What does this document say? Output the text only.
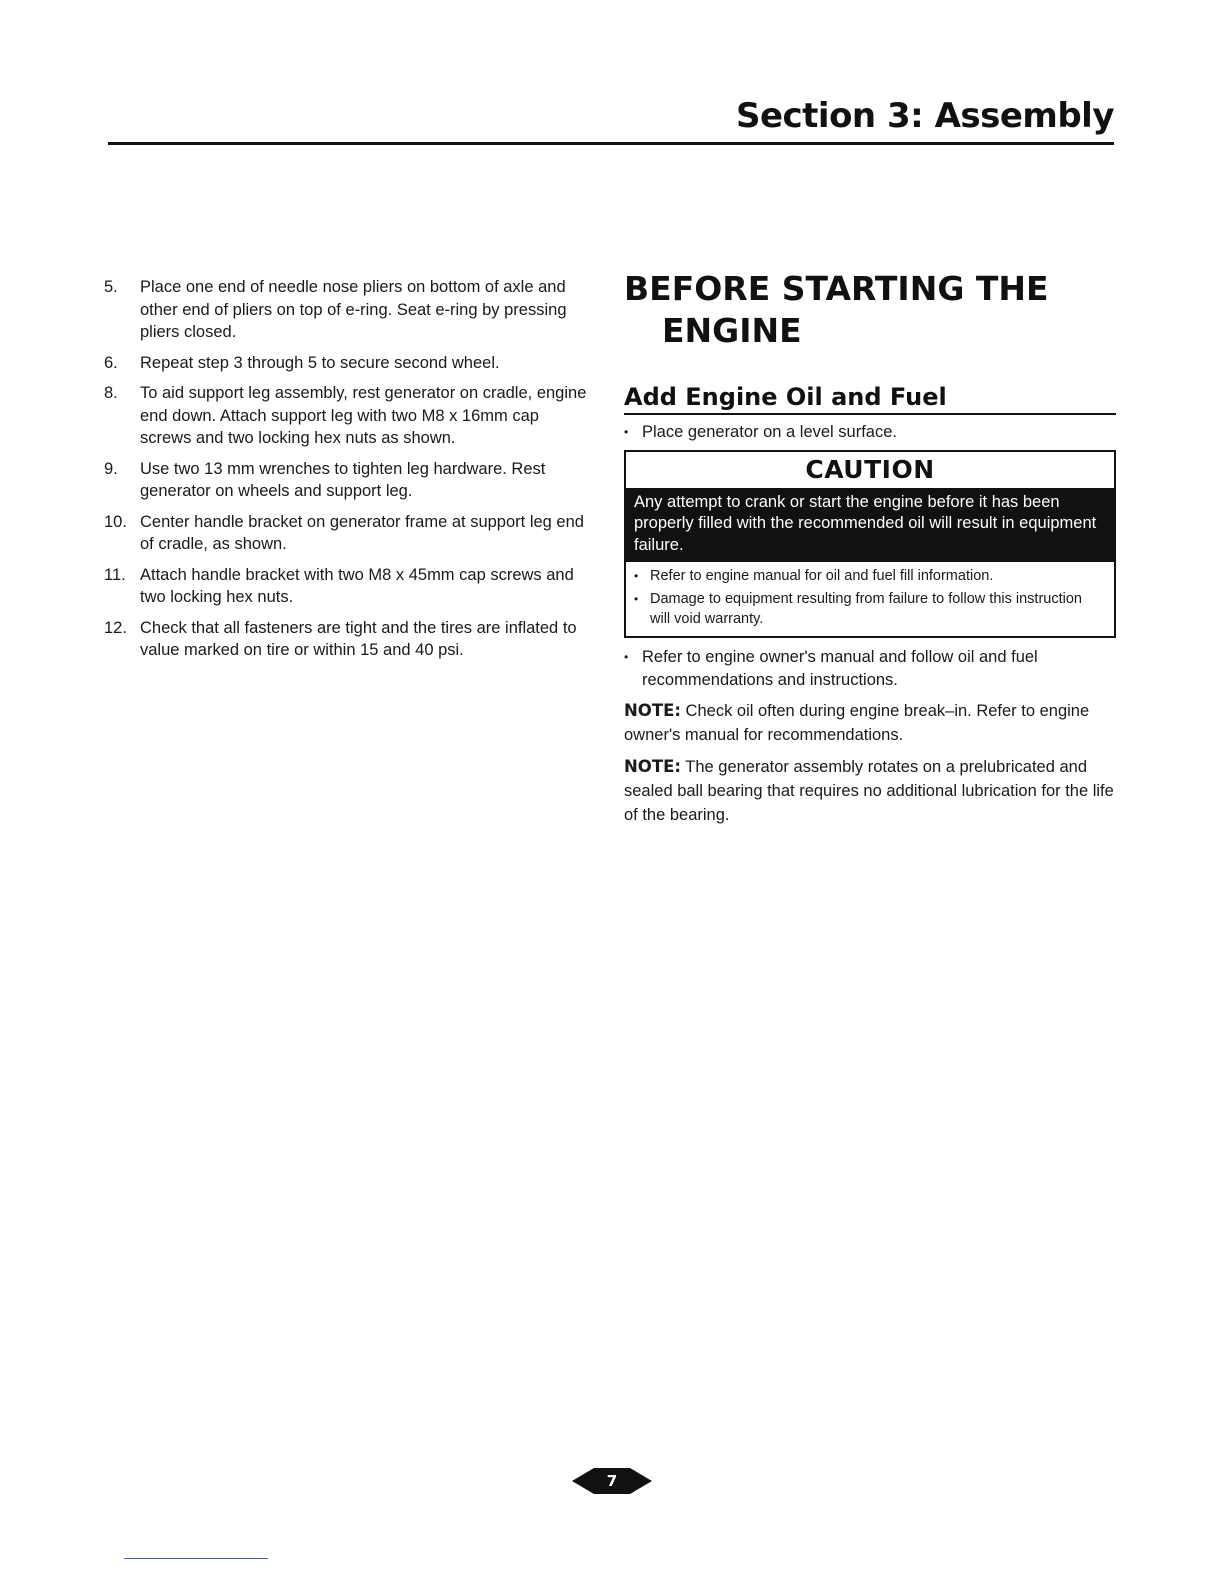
Section 3: Assembly
5.	Place one end of needle nose pliers on bottom of axle and other end of pliers on top of e-ring. Seat e-ring by pressing pliers closed.
6.	Repeat step 3 through 5 to secure second wheel.
8.	To aid support leg assembly, rest generator on cradle, engine end down. Attach support leg with two M8 x 16mm cap screws and two locking hex nuts as shown.
9.	Use two 13 mm wrenches to tighten leg hardware. Rest generator on wheels and support leg.
10. Center handle bracket on generator frame at support leg end of cradle, as shown.
11. Attach handle bracket with two M8 x 45mm cap screws and two locking hex nuts.
12. Check that all fasteners are tight and the tires are inflated to value marked on tire or within 15 and 40 psi.
BEFORE STARTING THE
ENGINE
Add Engine Oil and Fuel
• Place generator on a level surface.
CAUTION
Any attempt to crank or start the engine before it has been properly filled with the recommended oil will result in equipment failure.
• Refer to engine manual for oil and fuel fill information.
• Damage to equipment resulting from failure to follow this instruction will void warranty.
• Refer to engine owner's manual and follow oil and fuel recommendations and instructions.
NOTE: Check oil often during engine break–in. Refer to engine owner's manual for recommendations.
NOTE: The generator assembly rotates on a prelubricated and sealed ball bearing that requires no additional lubrication for the life of the bearing.
7
